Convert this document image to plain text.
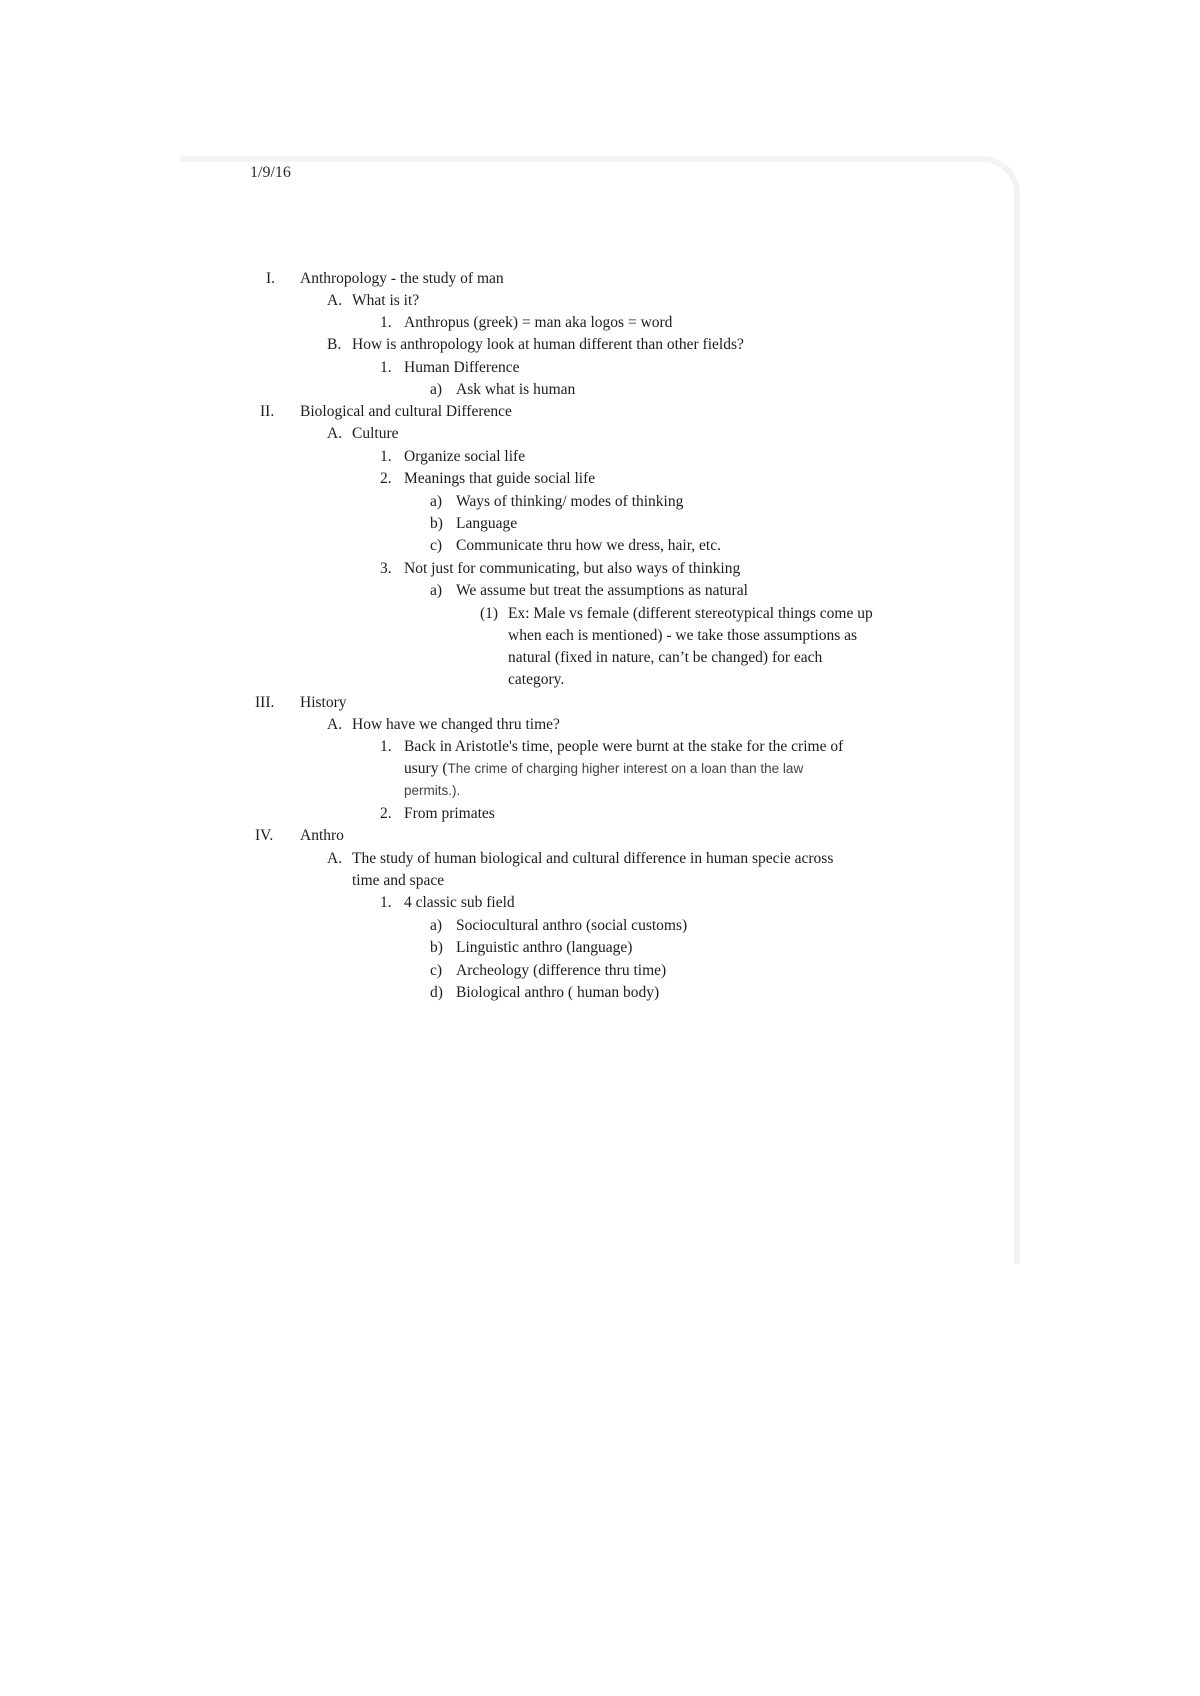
1/9/16
I. Anthropology - the study of man
A. What is it?
1. Anthropus (greek) = man aka logos = word
B. How is anthropology look at human different than other fields?
1. Human Difference
a) Ask what is human
II. Biological and cultural Difference
A. Culture
1. Organize social life
2. Meanings that guide social life
a) Ways of thinking/ modes of thinking
b) Language
c) Communicate thru how we dress, hair, etc.
3. Not just for communicating, but also ways of thinking
a) We assume but treat the assumptions as natural
(1) Ex: Male vs female (different stereotypical things come up
when each is mentioned) - we take those assumptions as
natural (fixed in nature, can’t be changed) for each
category.
III. History
A. How have we changed thru time?
1. Back in Aristotle's time, people were burnt at the stake for the crime of
usury (The crime of charging higher interest on a loan than the law
permits.).
2. From primates
IV. Anthro
A. The study of human biological and cultural difference in human specie across
time and space
1. 4 classic sub field
a) Sociocultural anthro (social customs)
b) Linguistic anthro (language)
c) Archeology (difference thru time)
d) Biological anthro ( human body)
